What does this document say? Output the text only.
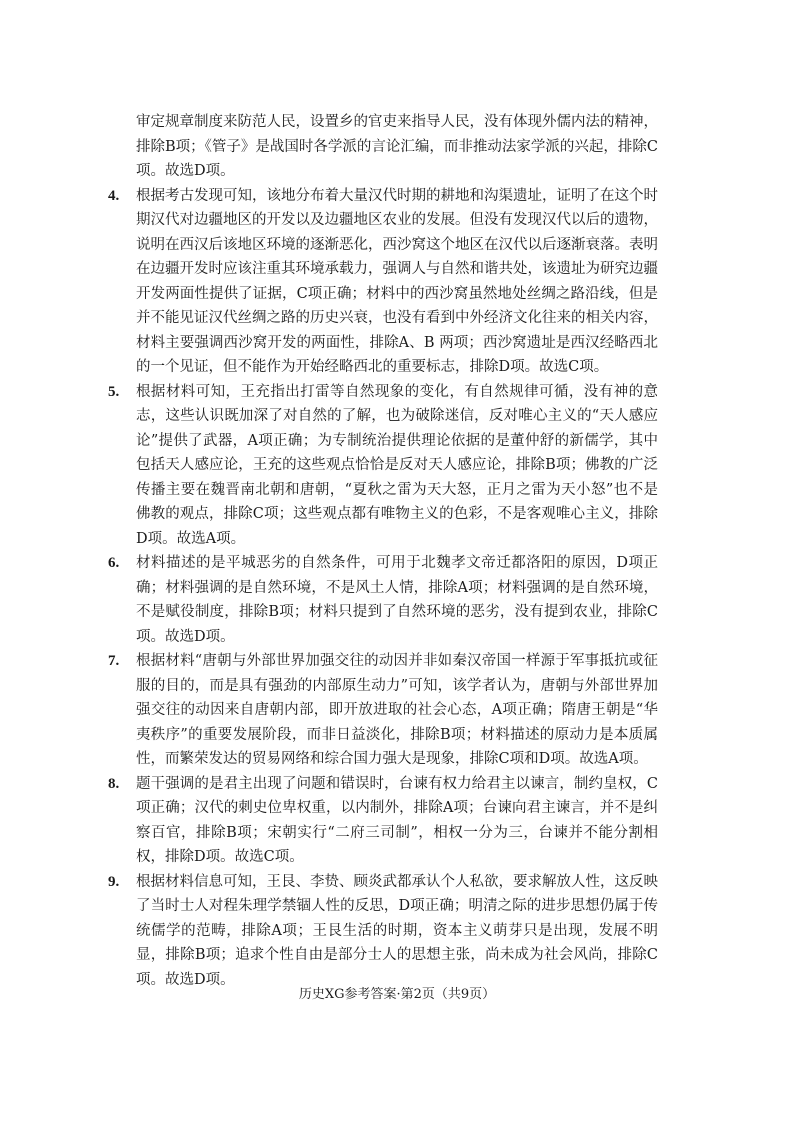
审定规章制度来防范人民，设置乡的官吏来指导人民，没有体现外儒内法的精神，排除B项；《管子》是战国时各学派的言论汇编，而非推动法家学派的兴起，排除C项。故选D项。

4. 根据考古发现可知，该地分布着大量汉代时期的耕地和沟渠遗址，证明了在这个时期汉代对边疆地区的开发以及边疆地区农业的发展。但没有发现汉代以后的遗物，说明在西汉后该地区环境的逐渐恶化，西沙窝这个地区在汉代以后逐渐衰落。表明在边疆开发时应该注重其环境承载力，强调人与自然和谐共处，该遗址为研究边疆开发两面性提供了证据，C项正确；材料中的西沙窝虽然地处丝绸之路沿线，但是并不能见证汉代丝绸之路的历史兴衰，也没有看到中外经济文化往来的相关内容，材料主要强调西沙窝开发的两面性，排除A、B 两项；西沙窝遗址是西汉经略西北的一个见证，但不能作为开始经略西北的重要标志，排除D项。故选C项。

5. 根据材料可知，王充指出打雷等自然现象的变化，有自然规律可循，没有神的意志，这些认识既加深了对自然的了解，也为破除迷信，反对唯心主义的“天人感应论”提供了武器，A项正确；为专制统治提供理论依据的是董仲舒的新儒学，其中包括天人感应论，王充的这些观点恰恰是反对天人感应论，排除B项；佛教的广泛传播主要在魏晋南北朝和唐朝，“夏秋之雷为天大怒，正月之雷为天小怒”也不是佛教的观点，排除C项；这些观点都有唯物主义的色彩，不是客观唯心主义，排除D项。故选A项。

6. 材料描述的是平城恶劣的自然条件，可用于北魏孝文帝迁都洛阳的原因，D项正确；材料强调的是自然环境，不是风土人情，排除A项；材料强调的是自然环境，不是赋役制度，排除B项；材料只提到了自然环境的恶劣，没有提到农业，排除C项。故选D项。

7. 根据材料“唐朝与外部世界加强交往的动因并非如秦汉帝国一样源于军事抵抗或征服的目的，而是具有强劲的内部原生动力”可知，该学者认为，唐朝与外部世界加强交往的动因来自唐朝内部，即开放进取的社会心态，A项正确；隋唐王朝是“华夷秩序”的重要发展阶段，而非日益淡化，排除B项；材料描述的原动力是本质属性，而繁荣发达的贸易网络和综合国力强大是现象，排除C项和D项。故选A项。

8. 题干强调的是君主出现了问题和错误时，台谏有权力给君主以谏言，制约皇权，C项正确；汉代的刺史位卑权重，以内制外，排除A项；台谏向君主谏言，并不是纠察百官，排除B项；宋朝实行“二府三司制”，相权一分为三，台谏并不能分割相权，排除D项。故选C项。

9. 根据材料信息可知，王艮、李贽、顾炎武都承认个人私欲，要求解放人性，这反映了当时士人对程朱理学禁锢人性的反思，D项正确；明清之际的进步思想仍属于传统儒学的范畴，排除A项；王艮生活的时期，资本主义萌芽只是出现，发展不明显，排除B项；追求个性自由是部分士人的思想主张，尚未成为社会风尚，排除C项。故选D项。

历史XG参考答案·第2页（共9页）
